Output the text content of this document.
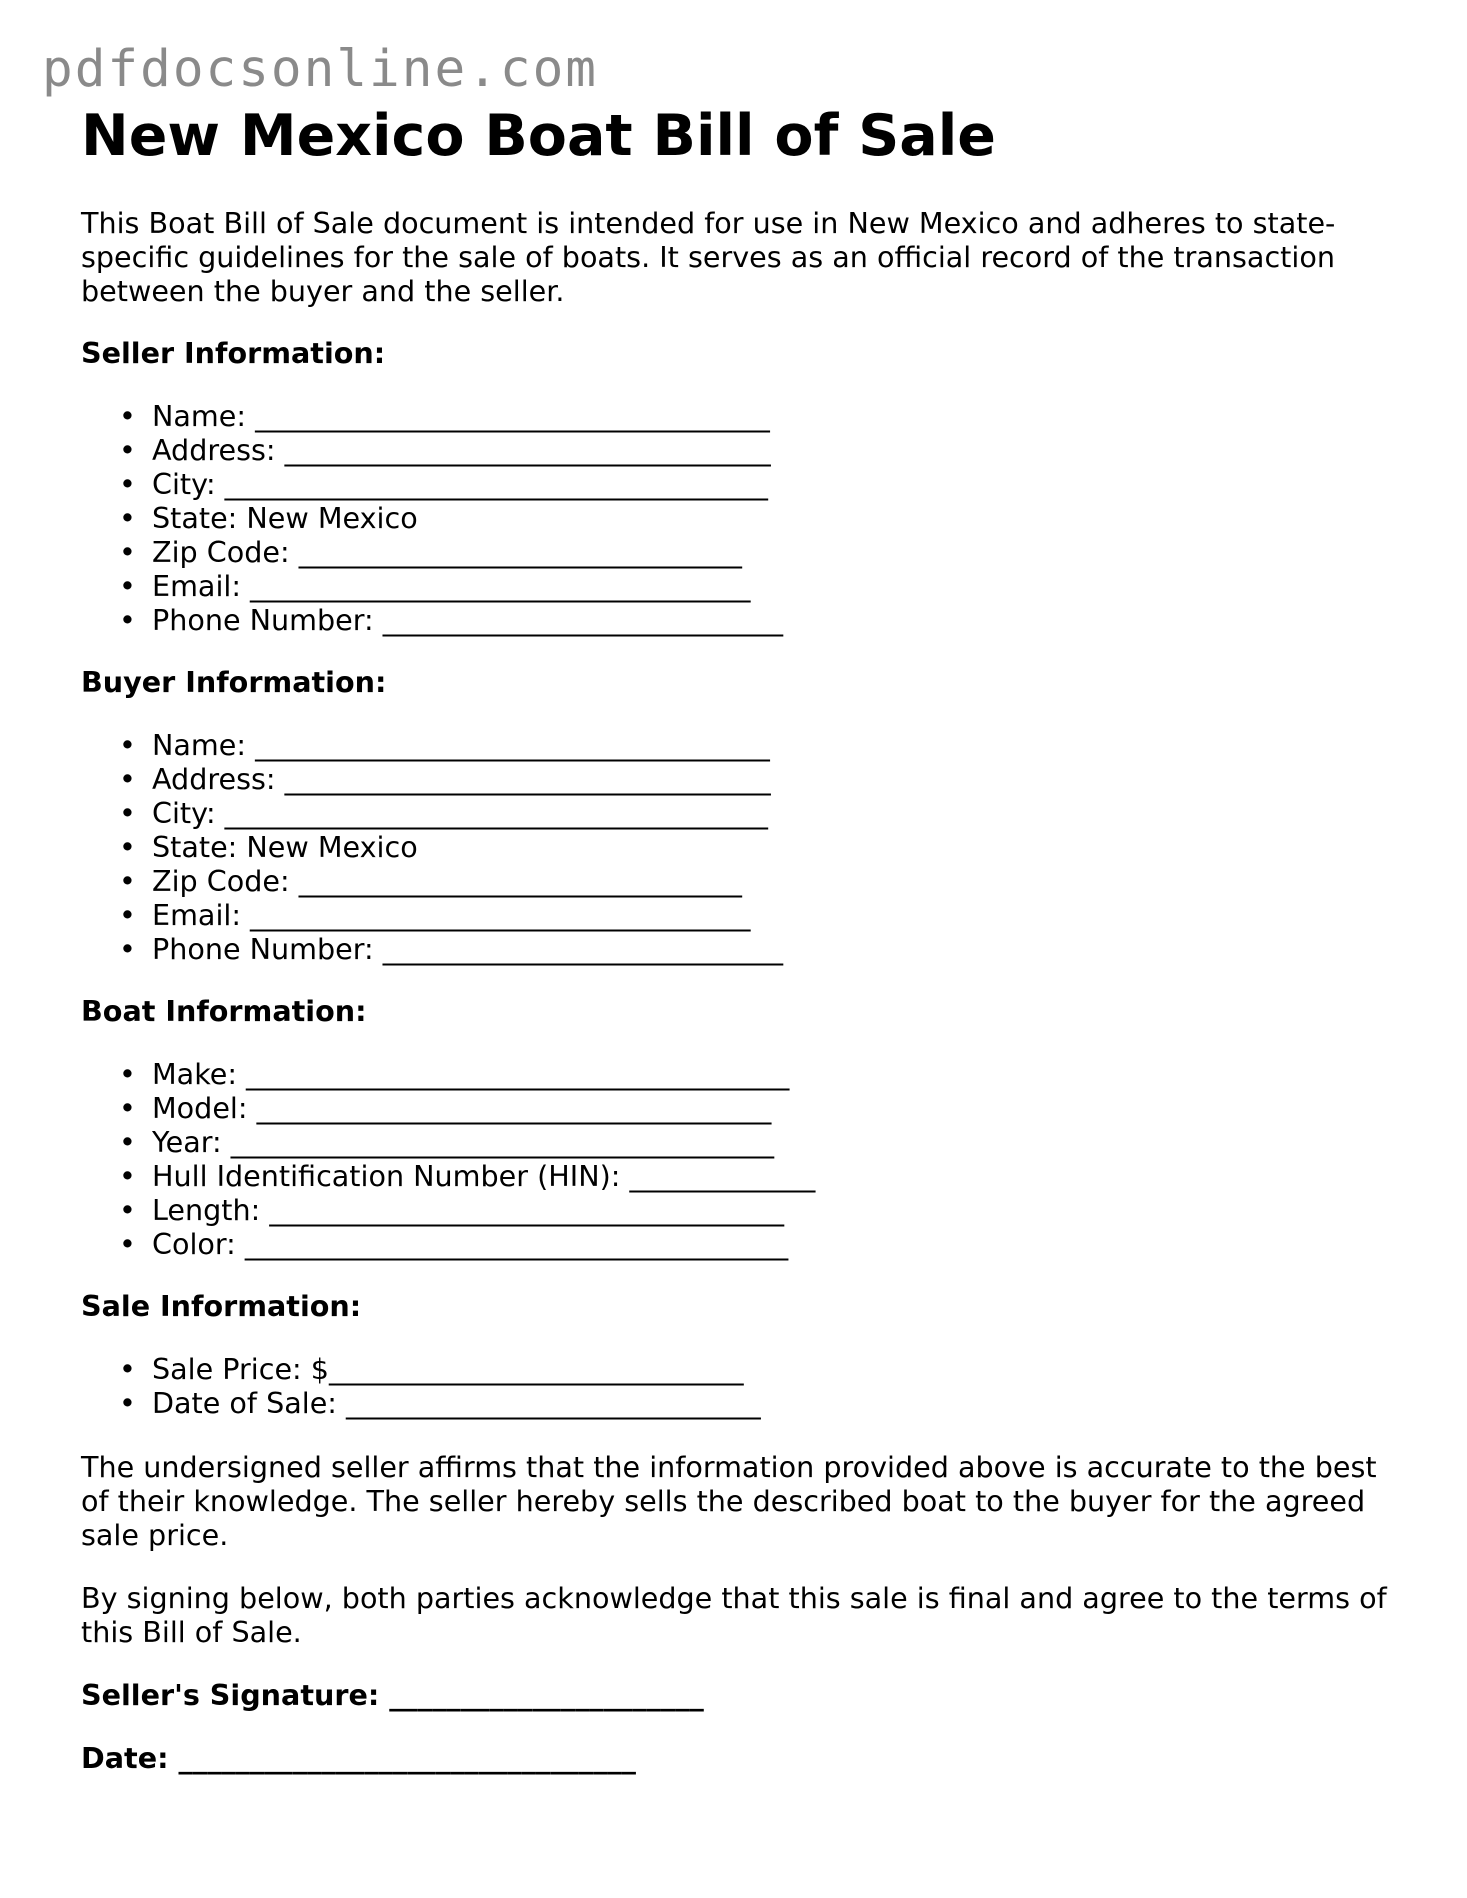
pdfdocsonline.com
New Mexico Boat Bill of Sale

This Boat Bill of Sale document is intended for use in New Mexico and adheres to state-specific guidelines for the sale of boats. It serves as an official record of the transaction between the buyer and the seller.

Seller Information:
• Name: ____________________________________
• Address: __________________________________
• City: ______________________________________
• State: New Mexico
• Zip Code: _______________________________
• Email: ___________________________________
• Phone Number: ____________________________
Buyer Information:
• Name: ____________________________________
• Address: __________________________________
• City: ______________________________________
• State: New Mexico
• Zip Code: _______________________________
• Email: ___________________________________
• Phone Number: ____________________________
Boat Information:
• Make: ______________________________________
• Model: ____________________________________
• Year: ______________________________________
• Hull Identification Number (HIN): _____________
• Length: ____________________________________
• Color: ______________________________________
Sale Information:
• Sale Price: $_____________________________
• Date of Sale: _____________________________

The undersigned seller affirms that the information provided above is accurate to the best of their knowledge. The seller hereby sells the described boat to the buyer for the agreed sale price.

By signing below, both parties acknowledge that this sale is final and agree to the terms of this Bill of Sale.

Seller's Signature: ______________________

Date: ________________________________
